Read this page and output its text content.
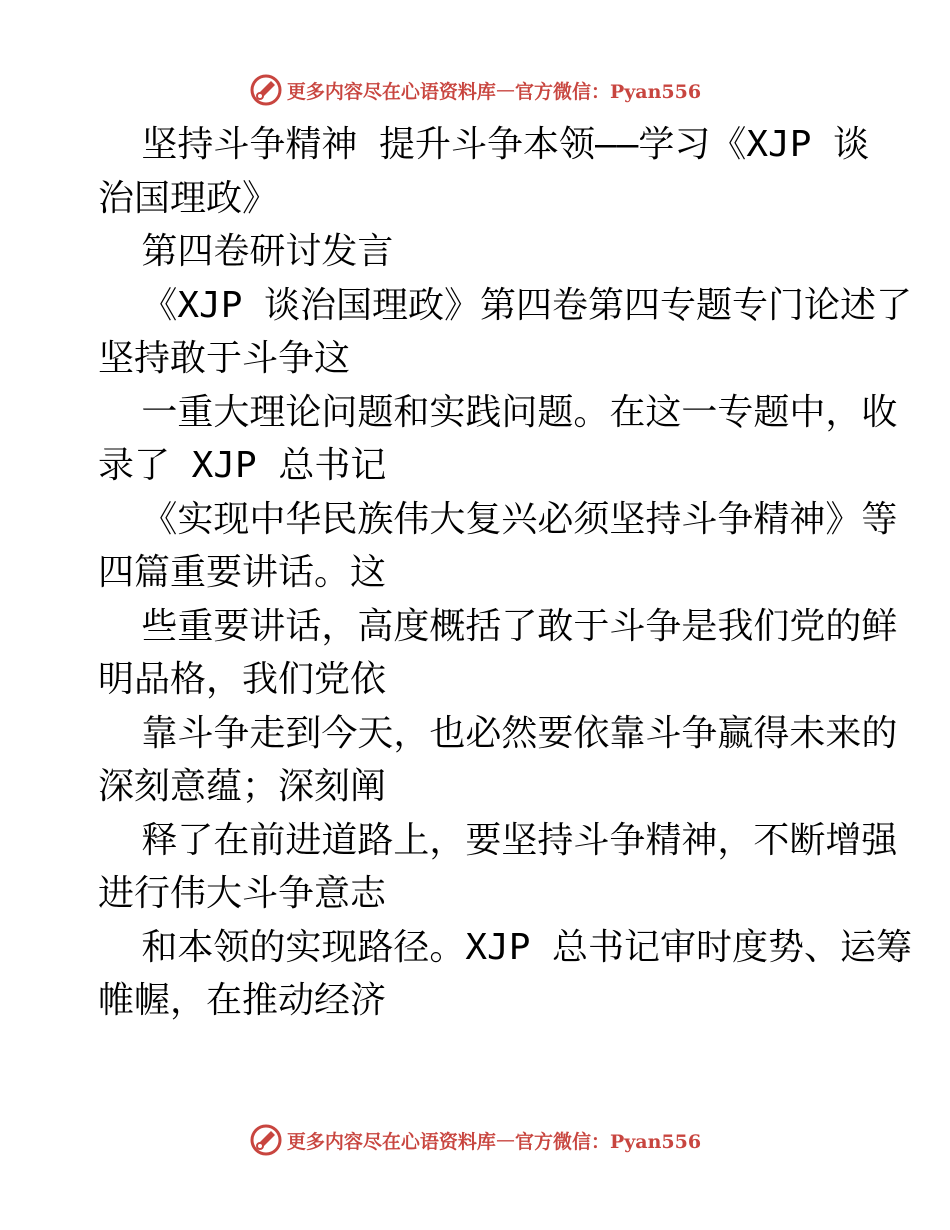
更多内容尽在心语资料库 — 官方微信：Pyan556

坚持斗争精神 提升斗争本领——学习《XJP 谈

治国理政》

第四卷研讨发言

《XJP 谈治国理政》第四卷第四专题专门论述了

坚持敢于斗争这

一重大理论问题和实践问题。在这一专题中，收

录了 XJP 总书记

《实现中华民族伟大复兴必须坚持斗争精神》等

四篇重要讲话。这

些重要讲话，高度概括了敢于斗争是我们党的鲜

明品格，我们党依

靠斗争走到今天，也必然要依靠斗争赢得未来的

深刻意蕴；深刻阐

释了在前进道路上，要坚持斗争精神，不断增强

进行伟大斗争意志

和本领的实现路径。XJP 总书记审时度势、运筹

帷幄，在推动经济

更多内容尽在心语资料库 — 官方微信：Pyan556
